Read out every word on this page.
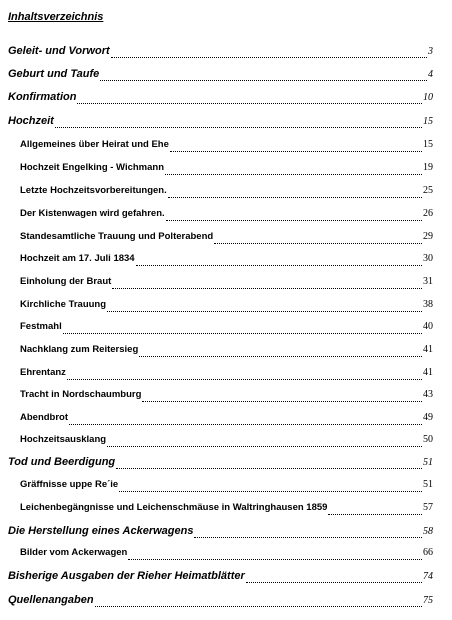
Inhaltsverzeichnis
Geleit- und Vorwort	3
Geburt und Taufe	4
Konfirmation	10
Hochzeit	15
Allgemeines über Heirat und Ehe	15
Hochzeit Engelking - Wichmann	19
Letzte Hochzeitsvorbereitungen.	25
Der Kistenwagen wird gefahren.	26
Standesamtliche Trauung und Polterabend	29
Hochzeit am 17. Juli 1834	30
Einholung der Braut	31
Kirchliche Trauung	38
Festmahl	40
Nachklang zum Reitersieg	41
Ehrentanz	41
Tracht in Nordschaumburg	43
Abendbrot	49
Hochzeitsausklang	50
Tod und Beerdigung	51
Gräffnisse uppe Re´ie	51
Leichenbegängnisse und Leichenschmäuse in Waltringhausen 1859	57
Die Herstellung eines Ackerwagens	58
Bilder vom Ackerwagen	66
Bisherige Ausgaben der Rieher Heimatblätter	74
Quellenangaben	75
